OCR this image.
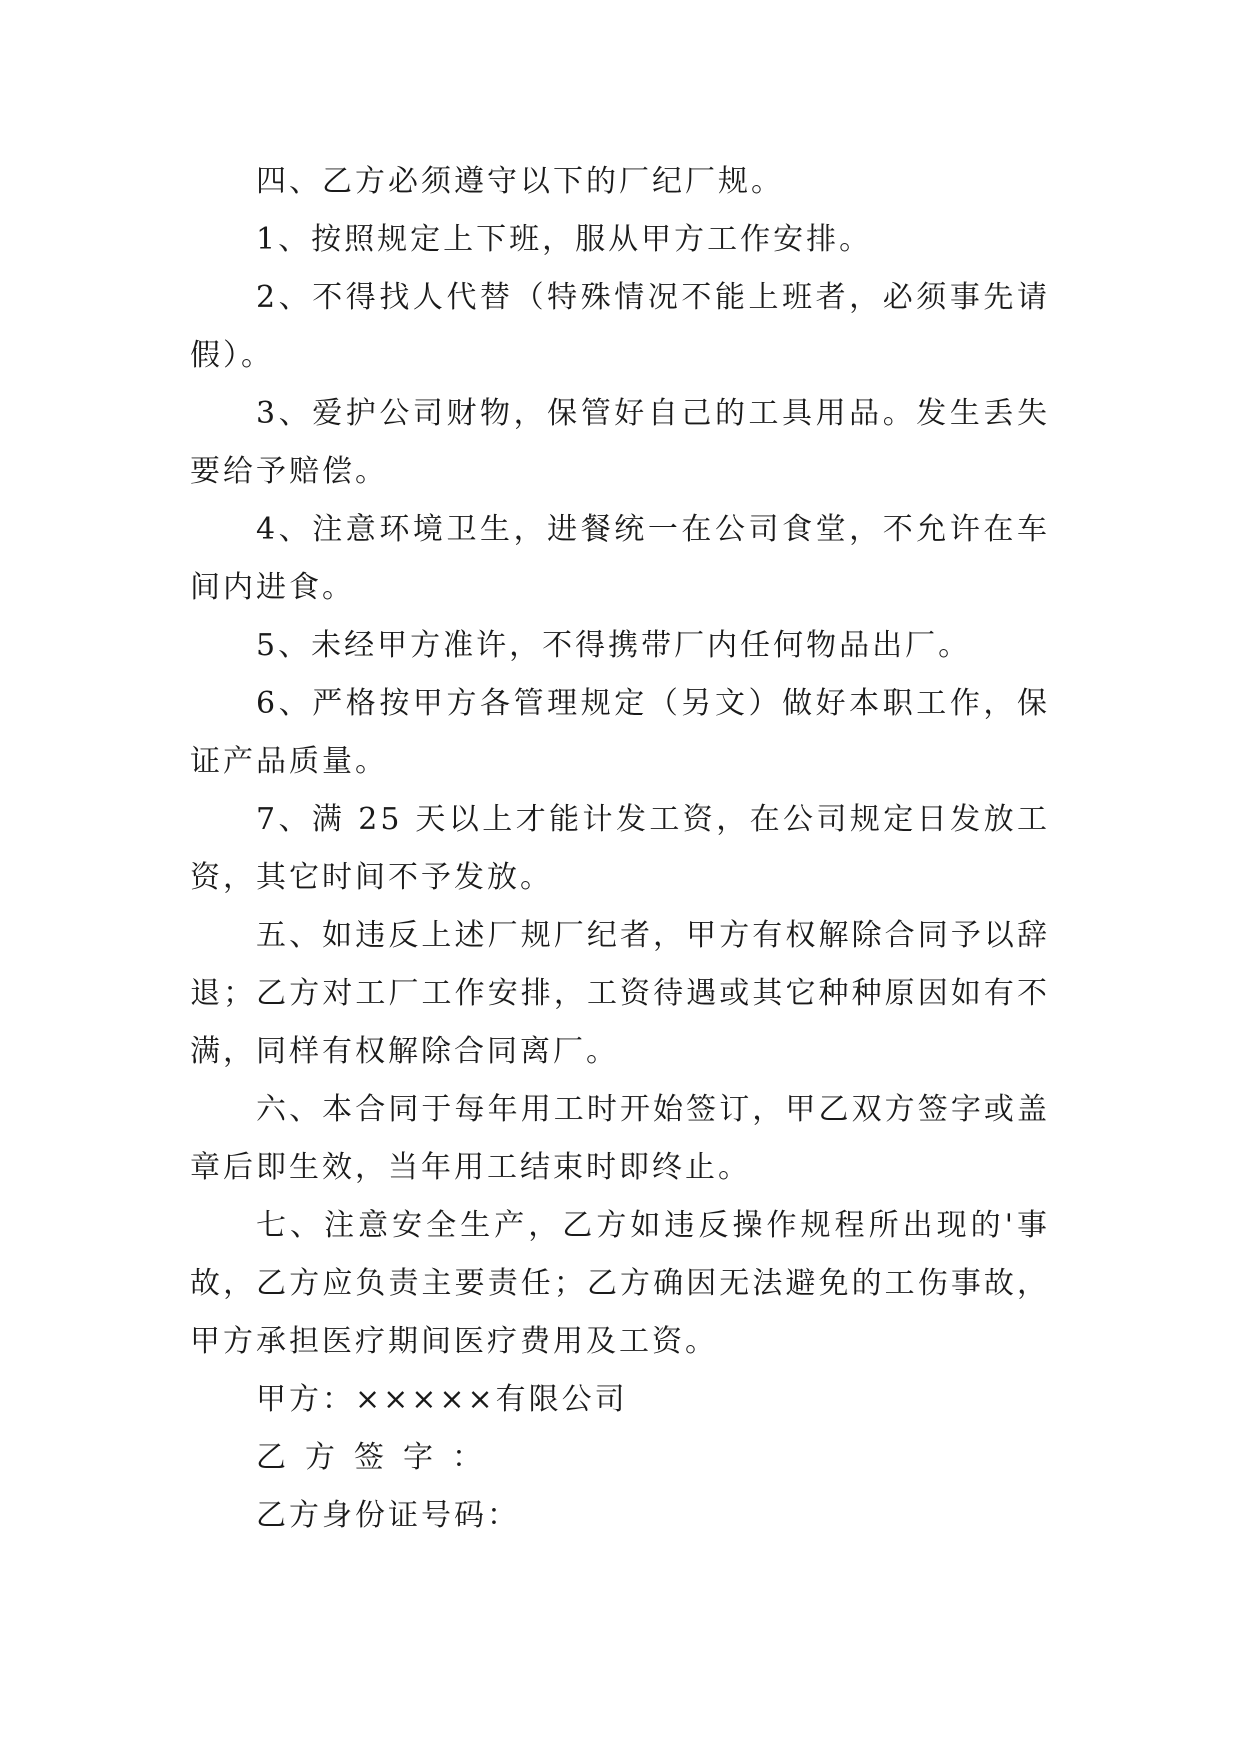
四、乙方必须遵守以下的厂纪厂规。

1、按照规定上下班，服从甲方工作安排。

2、不得找人代替（特殊情况不能上班者，必须事先请假）。

3、爱护公司财物，保管好自己的工具用品。发生丢失要给予赔偿。

4、注意环境卫生，进餐统一在公司食堂，不允许在车间内进食。

5、未经甲方准许，不得携带厂内任何物品出厂。

6、严格按甲方各管理规定（另文）做好本职工作，保证产品质量。

7、满 25 天以上才能计发工资，在公司规定日发放工资，其它时间不予发放。

五、如违反上述厂规厂纪者，甲方有权解除合同予以辞退；乙方对工厂工作安排，工资待遇或其它种种原因如有不满，同样有权解除合同离厂。

六、本合同于每年用工时开始签订，甲乙双方签字或盖章后即生效，当年用工结束时即终止。

七、注意安全生产，乙方如违反操作规程所出现的'事故，乙方应负责主要责任；乙方确因无法避免的工伤事故，甲方承担医疗期间医疗费用及工资。

甲方：×××××有限公司

乙方签字：

乙方身份证号码：
